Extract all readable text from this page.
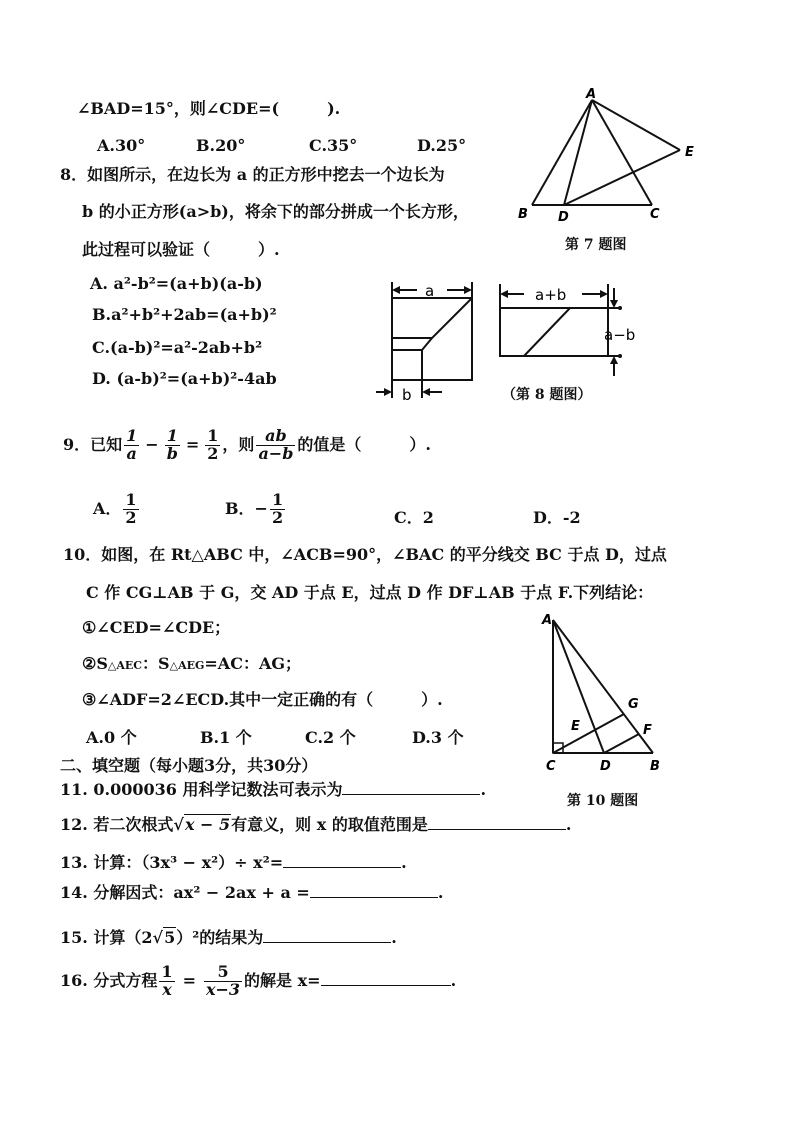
∠BAD=15°，则∠CDE=(　　　).
A.30°	B.20°	C.35°	D.25°
A
E
B D	C
第 7 题图
8．如图所示，在边长为 a 的正方形中挖去一个边长为
b 的小正方形(a>b)，将余下的部分拼成一个长方形，
此过程可以验证（　　　）.
A. a²-b²=(a+b)(a-b)
B.a²+b²+2ab=(a+b)²
C.(a-b)²=a²-2ab+b²
D. (a-b)²=(a+b)²-4ab
a
b
a+b
a−b
（第 8 题图）
9．已知 $\frac{1}{a} - \frac{1}{b} = \frac{1}{2}$ ，则 $\frac{ab}{a-b}$ 的值是（　　　）.
A． $\frac{1}{2}$	B．− $\frac{1}{2}$	C．2	D．-2
10．如图，在 Rt△ABC 中，∠ACB=90°，∠BAC 的平分线交 BC 于点 D，过点
C 作 CG⊥AB 于 G，交 AD 于点 E，过点 D 作 DF⊥AB 于点 F.下列结论：
①∠CED=∠CDE；
②S△AEC：S△AEG=AC：AG；
③∠ADF=2∠ECD.其中一定正确的有（　　　）.
A.0 个	B.1 个	C.2 个	D.3 个
A
G
E	F
C	D	B
第 10 题图
二、填空题（每小题3分，共30分）
11. 0.000036 用科学记数法可表示为	.
12. 若二次根式√x − 5有意义，则 x 的取值范围是	.
13. 计算：（3x³ − x²）÷ x²=	.
14. 分解因式：ax² − 2ax + a =	.
15. 计算（2√5）²的结果为	.
16. 分式方程 $\frac{1}{x} = \frac{5}{x-3}$ 的解是 x=	.
